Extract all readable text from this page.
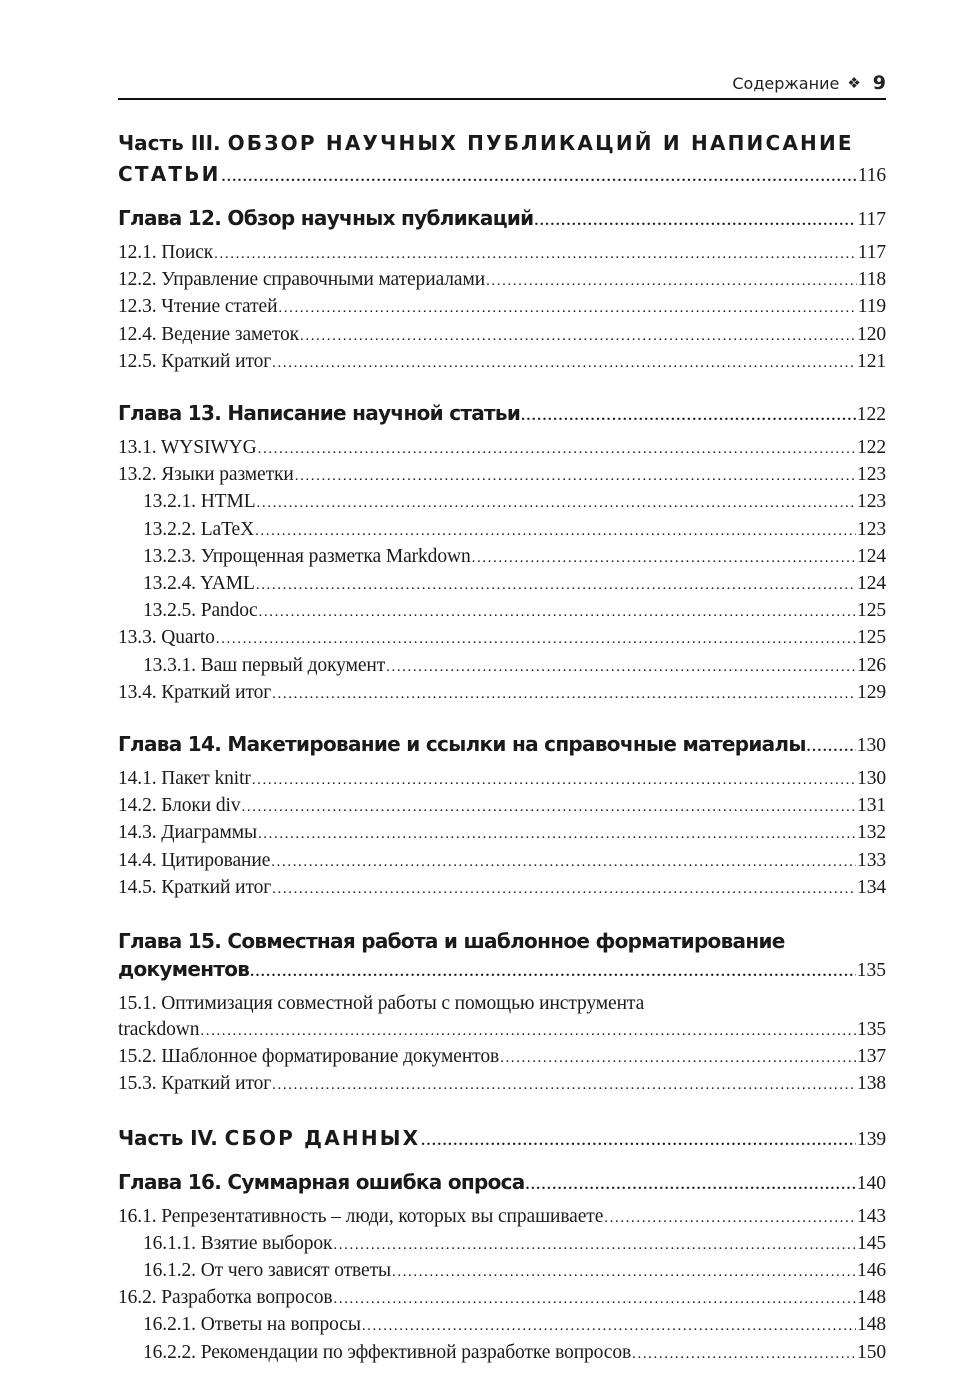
Содержание ❖ 9
Часть III. ОБЗОР НАУЧНЫХ ПУБЛИКАЦИЙ И НАПИСАНИЕ
СТАТЬИ .....	116
Глава 12. Обзор научных публикаций .....	117
12.1. Поиск .....	117
12.2. Управление справочными материалами .....	118
12.3. Чтение статей .....	119
12.4. Ведение заметок .....	120
12.5. Краткий итог .....	121
Глава 13. Написание научной статьи .....	122
13.1. WYSIWYG .....	122
13.2. Языки разметки .....	123
13.2.1. HTML .....	123
13.2.2. LaTeX .....	123
13.2.3. Упрощенная разметка Markdown .....	124
13.2.4. YAML .....	124
13.2.5. Pandoc .....	125
13.3. Quarto .....	125
13.3.1. Ваш первый документ .....	126
13.4. Краткий итог .....	129
Глава 14. Макетирование и ссылки на справочные материалы .....	130
14.1. Пакет knitr .....	130
14.2. Блоки div .....	131
14.3. Диаграммы .....	132
14.4. Цитирование .....	133
14.5. Краткий итог .....	134
Глава 15. Совместная работа и шаблонное форматирование
документов .....	135
15.1. Оптимизация совместной работы с помощью инструмента
trackdown .....	135
15.2. Шаблонное форматирование документов .....	137
15.3. Краткий итог .....	138
Часть IV. СБОР ДАННЫХ .....	139
Глава 16. Суммарная ошибка опроса .....	140
16.1. Репрезентативность – люди, которых вы спрашиваете .....	143
16.1.1. Взятие выборок .....	145
16.1.2. От чего зависят ответы .....	146
16.2. Разработка вопросов .....	148
16.2.1. Ответы на вопросы .....	148
16.2.2. Рекомендации по эффективной разработке вопросов .....	150
